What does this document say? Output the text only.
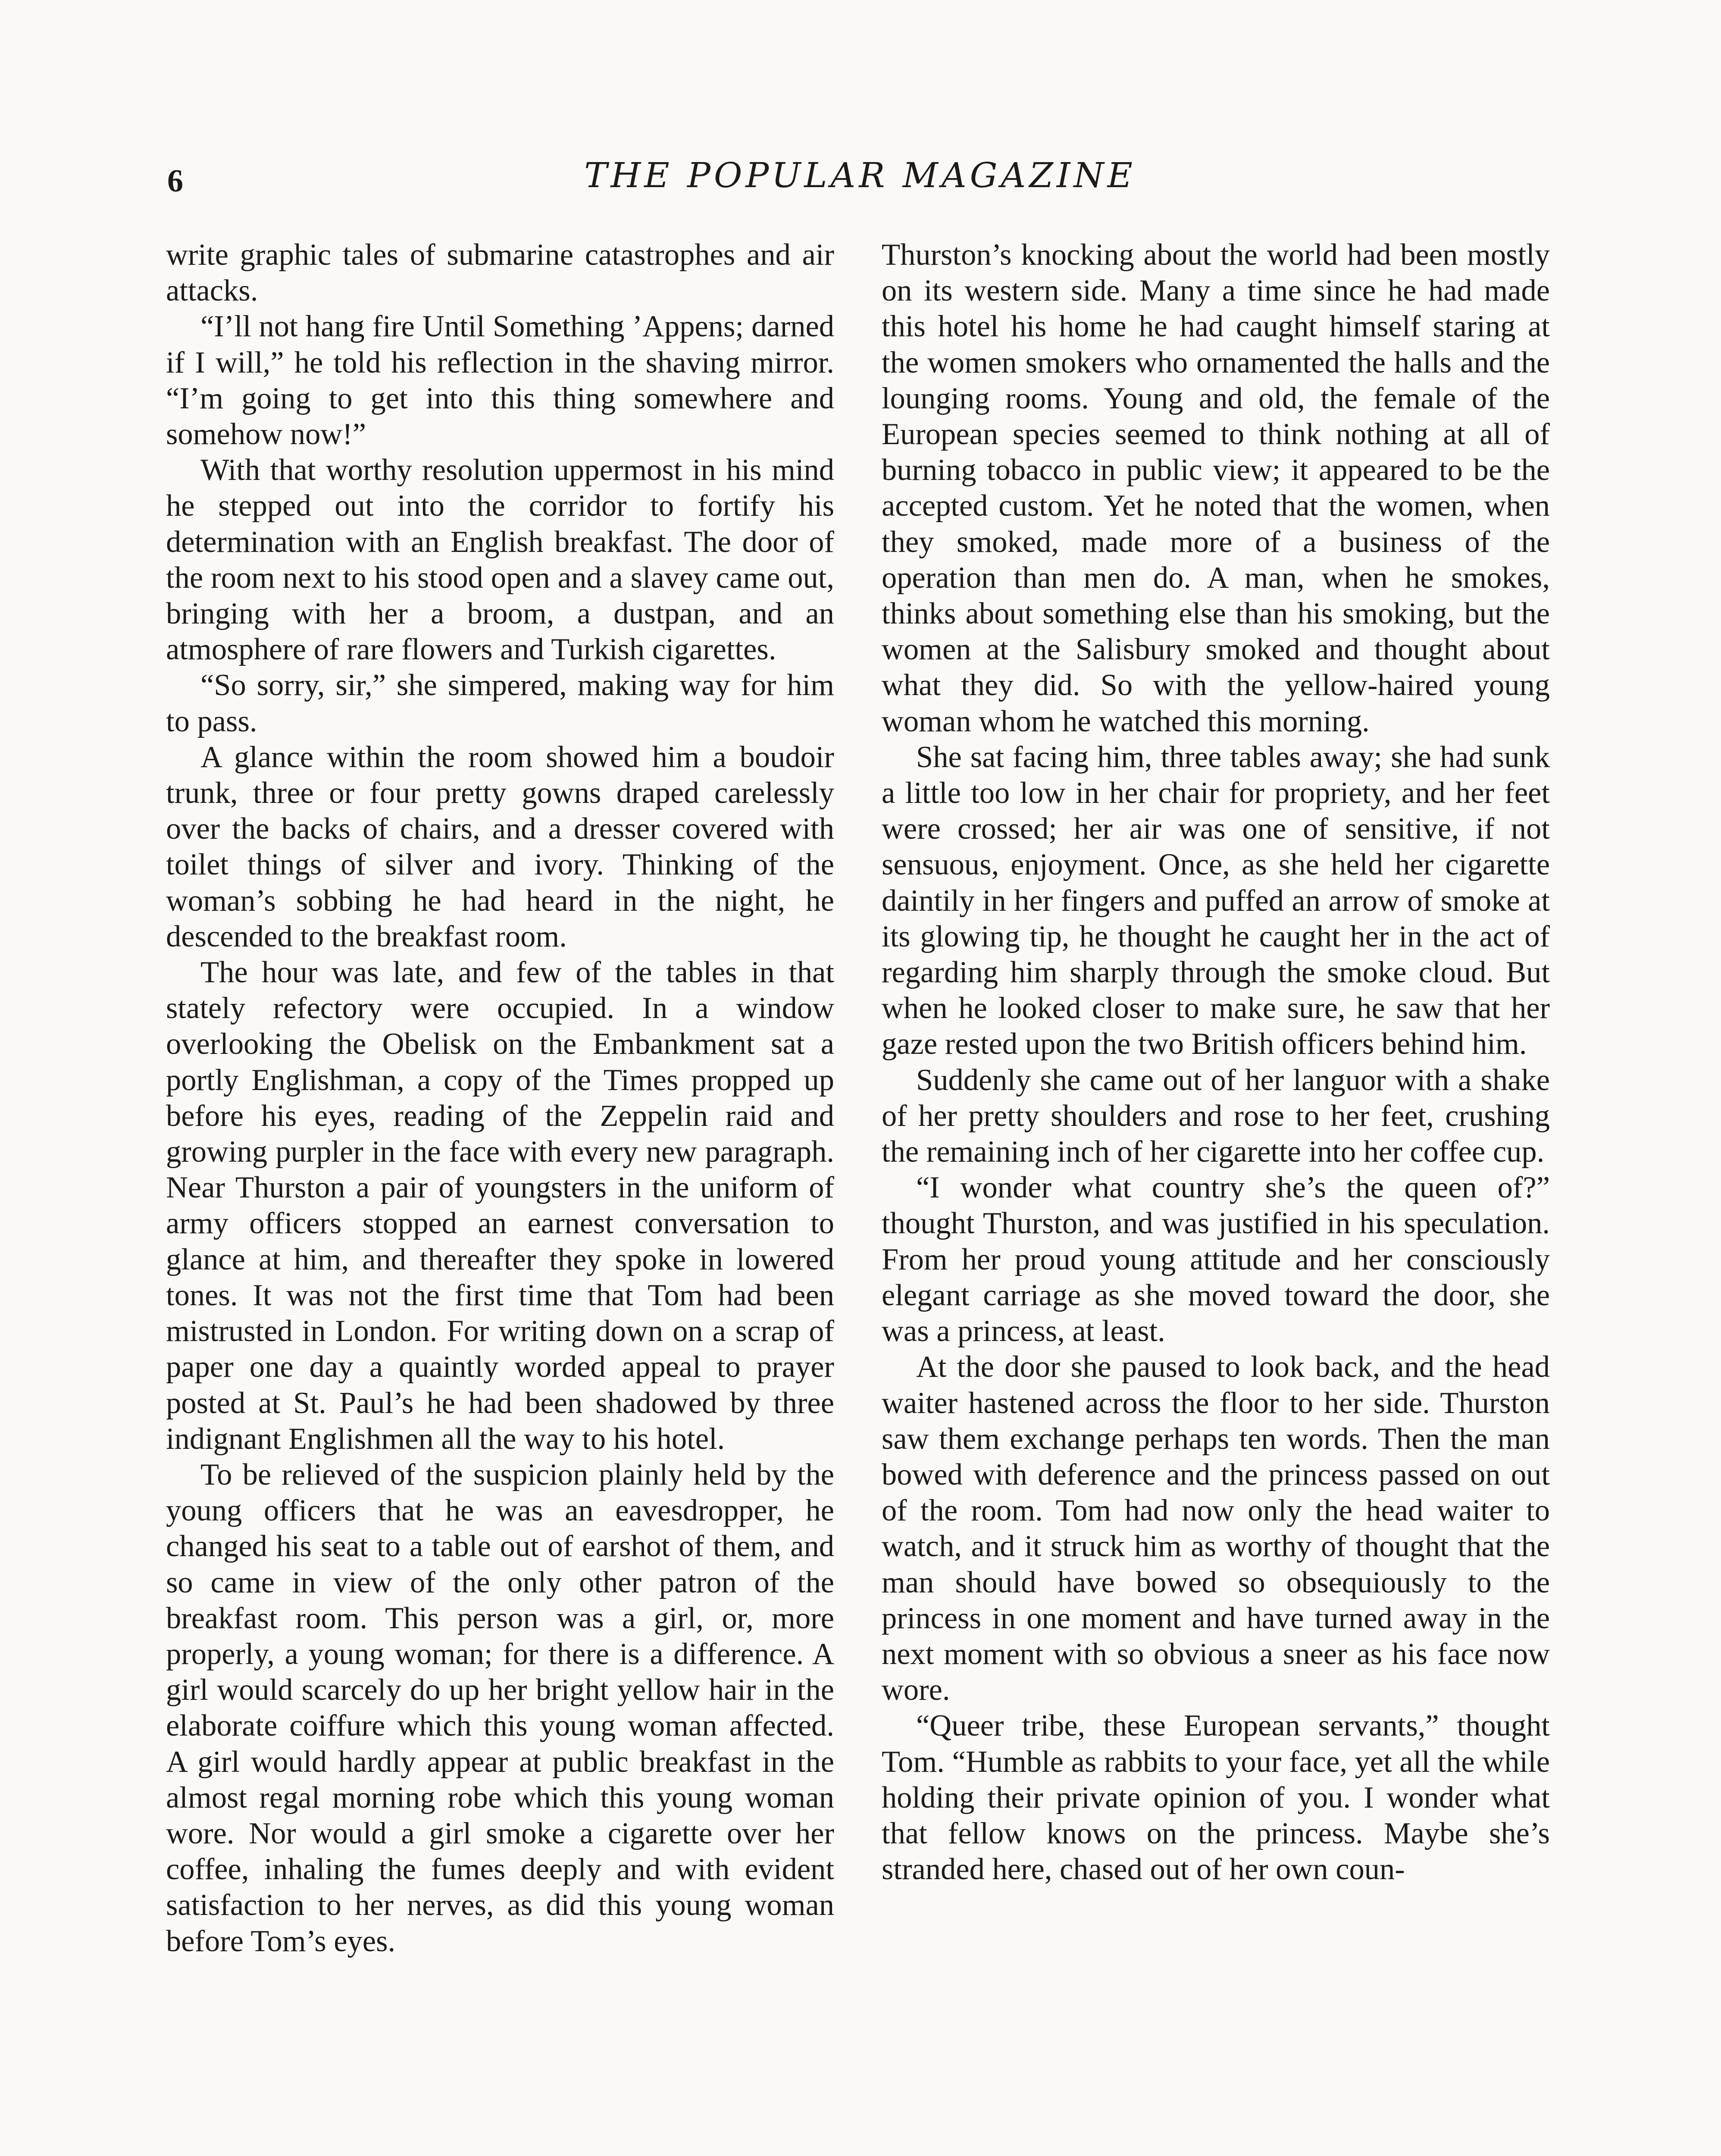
6	THE POPULAR MAGAZINE

write graphic tales of submarine catastrophes and air attacks.

“I’ll not hang fire Until Something ’Appens; darned if I will,” he told his reflection in the shaving mirror. “I’m going to get into this thing somewhere and somehow now!”

With that worthy resolution uppermost in his mind he stepped out into the corridor to fortify his determination with an English breakfast. The door of the room next to his stood open and a slavey came out, bringing with her a broom, a dustpan, and an atmosphere of rare flowers and Turkish cigarettes.

“So sorry, sir,” she simpered, making way for him to pass.

A glance within the room showed him a boudoir trunk, three or four pretty gowns draped carelessly over the backs of chairs, and a dresser covered with toilet things of silver and ivory. Thinking of the woman’s sobbing he had heard in the night, he descended to the breakfast room.

The hour was late, and few of the tables in that stately refectory were occupied. In a window overlooking the Obelisk on the Embankment sat a portly Englishman, a copy of the Times propped up before his eyes, reading of the Zeppelin raid and growing purpler in the face with every new paragraph. Near Thurston a pair of youngsters in the uniform of army officers stopped an earnest conversation to glance at him, and thereafter they spoke in lowered tones. It was not the first time that Tom had been mistrusted in London. For writing down on a scrap of paper one day a quaintly worded appeal to prayer posted at St. Paul’s he had been shadowed by three indignant Englishmen all the way to his hotel.

To be relieved of the suspicion plainly held by the young officers that he was an eavesdropper, he changed his seat to a table out of earshot of them, and so came in view of the only other patron of the breakfast room. This person was a girl, or, more properly, a young woman; for there is a difference. A girl would scarcely do up her bright yellow hair in the elaborate coiffure which this young woman affected. A girl would hardly appear at public breakfast in the almost regal morning robe which this young woman wore. Nor would a girl smoke a cigarette over her coffee, inhaling the fumes deeply and with evident satisfaction to her nerves, as did this young woman before Tom’s eyes.

Thurston’s knocking about the world had been mostly on its western side. Many a time since he had made this hotel his home he had caught himself staring at the women smokers who ornamented the halls and the lounging rooms. Young and old, the female of the European species seemed to think nothing at all of burning tobacco in public view; it appeared to be the accepted custom. Yet he noted that the women, when they smoked, made more of a business of the operation than men do. A man, when he smokes, thinks about something else than his smoking, but the women at the Salisbury smoked and thought about what they did. So with the yellow-haired young woman whom he watched this morning.

She sat facing him, three tables away; she had sunk a little too low in her chair for propriety, and her feet were crossed; her air was one of sensitive, if not sensuous, enjoyment. Once, as she held her cigarette daintily in her fingers and puffed an arrow of smoke at its glowing tip, he thought he caught her in the act of regarding him sharply through the smoke cloud. But when he looked closer to make sure, he saw that her gaze rested upon the two British officers behind him.

Suddenly she came out of her languor with a shake of her pretty shoulders and rose to her feet, crushing the remaining inch of her cigarette into her coffee cup.

“I wonder what country she’s the queen of?” thought Thurston, and was justified in his speculation. From her proud young attitude and her consciously elegant carriage as she moved toward the door, she was a princess, at least.

At the door she paused to look back, and the head waiter hastened across the floor to her side. Thurston saw them exchange perhaps ten words. Then the man bowed with deference and the princess passed on out of the room. Tom had now only the head waiter to watch, and it struck him as worthy of thought that the man should have bowed so obsequiously to the princess in one moment and have turned away in the next moment with so obvious a sneer as his face now wore.

“Queer tribe, these European servants,” thought Tom. “Humble as rabbits to your face, yet all the while holding their private opinion of you. I wonder what that fellow knows on the princess. Maybe she’s stranded here, chased out of her own coun-
